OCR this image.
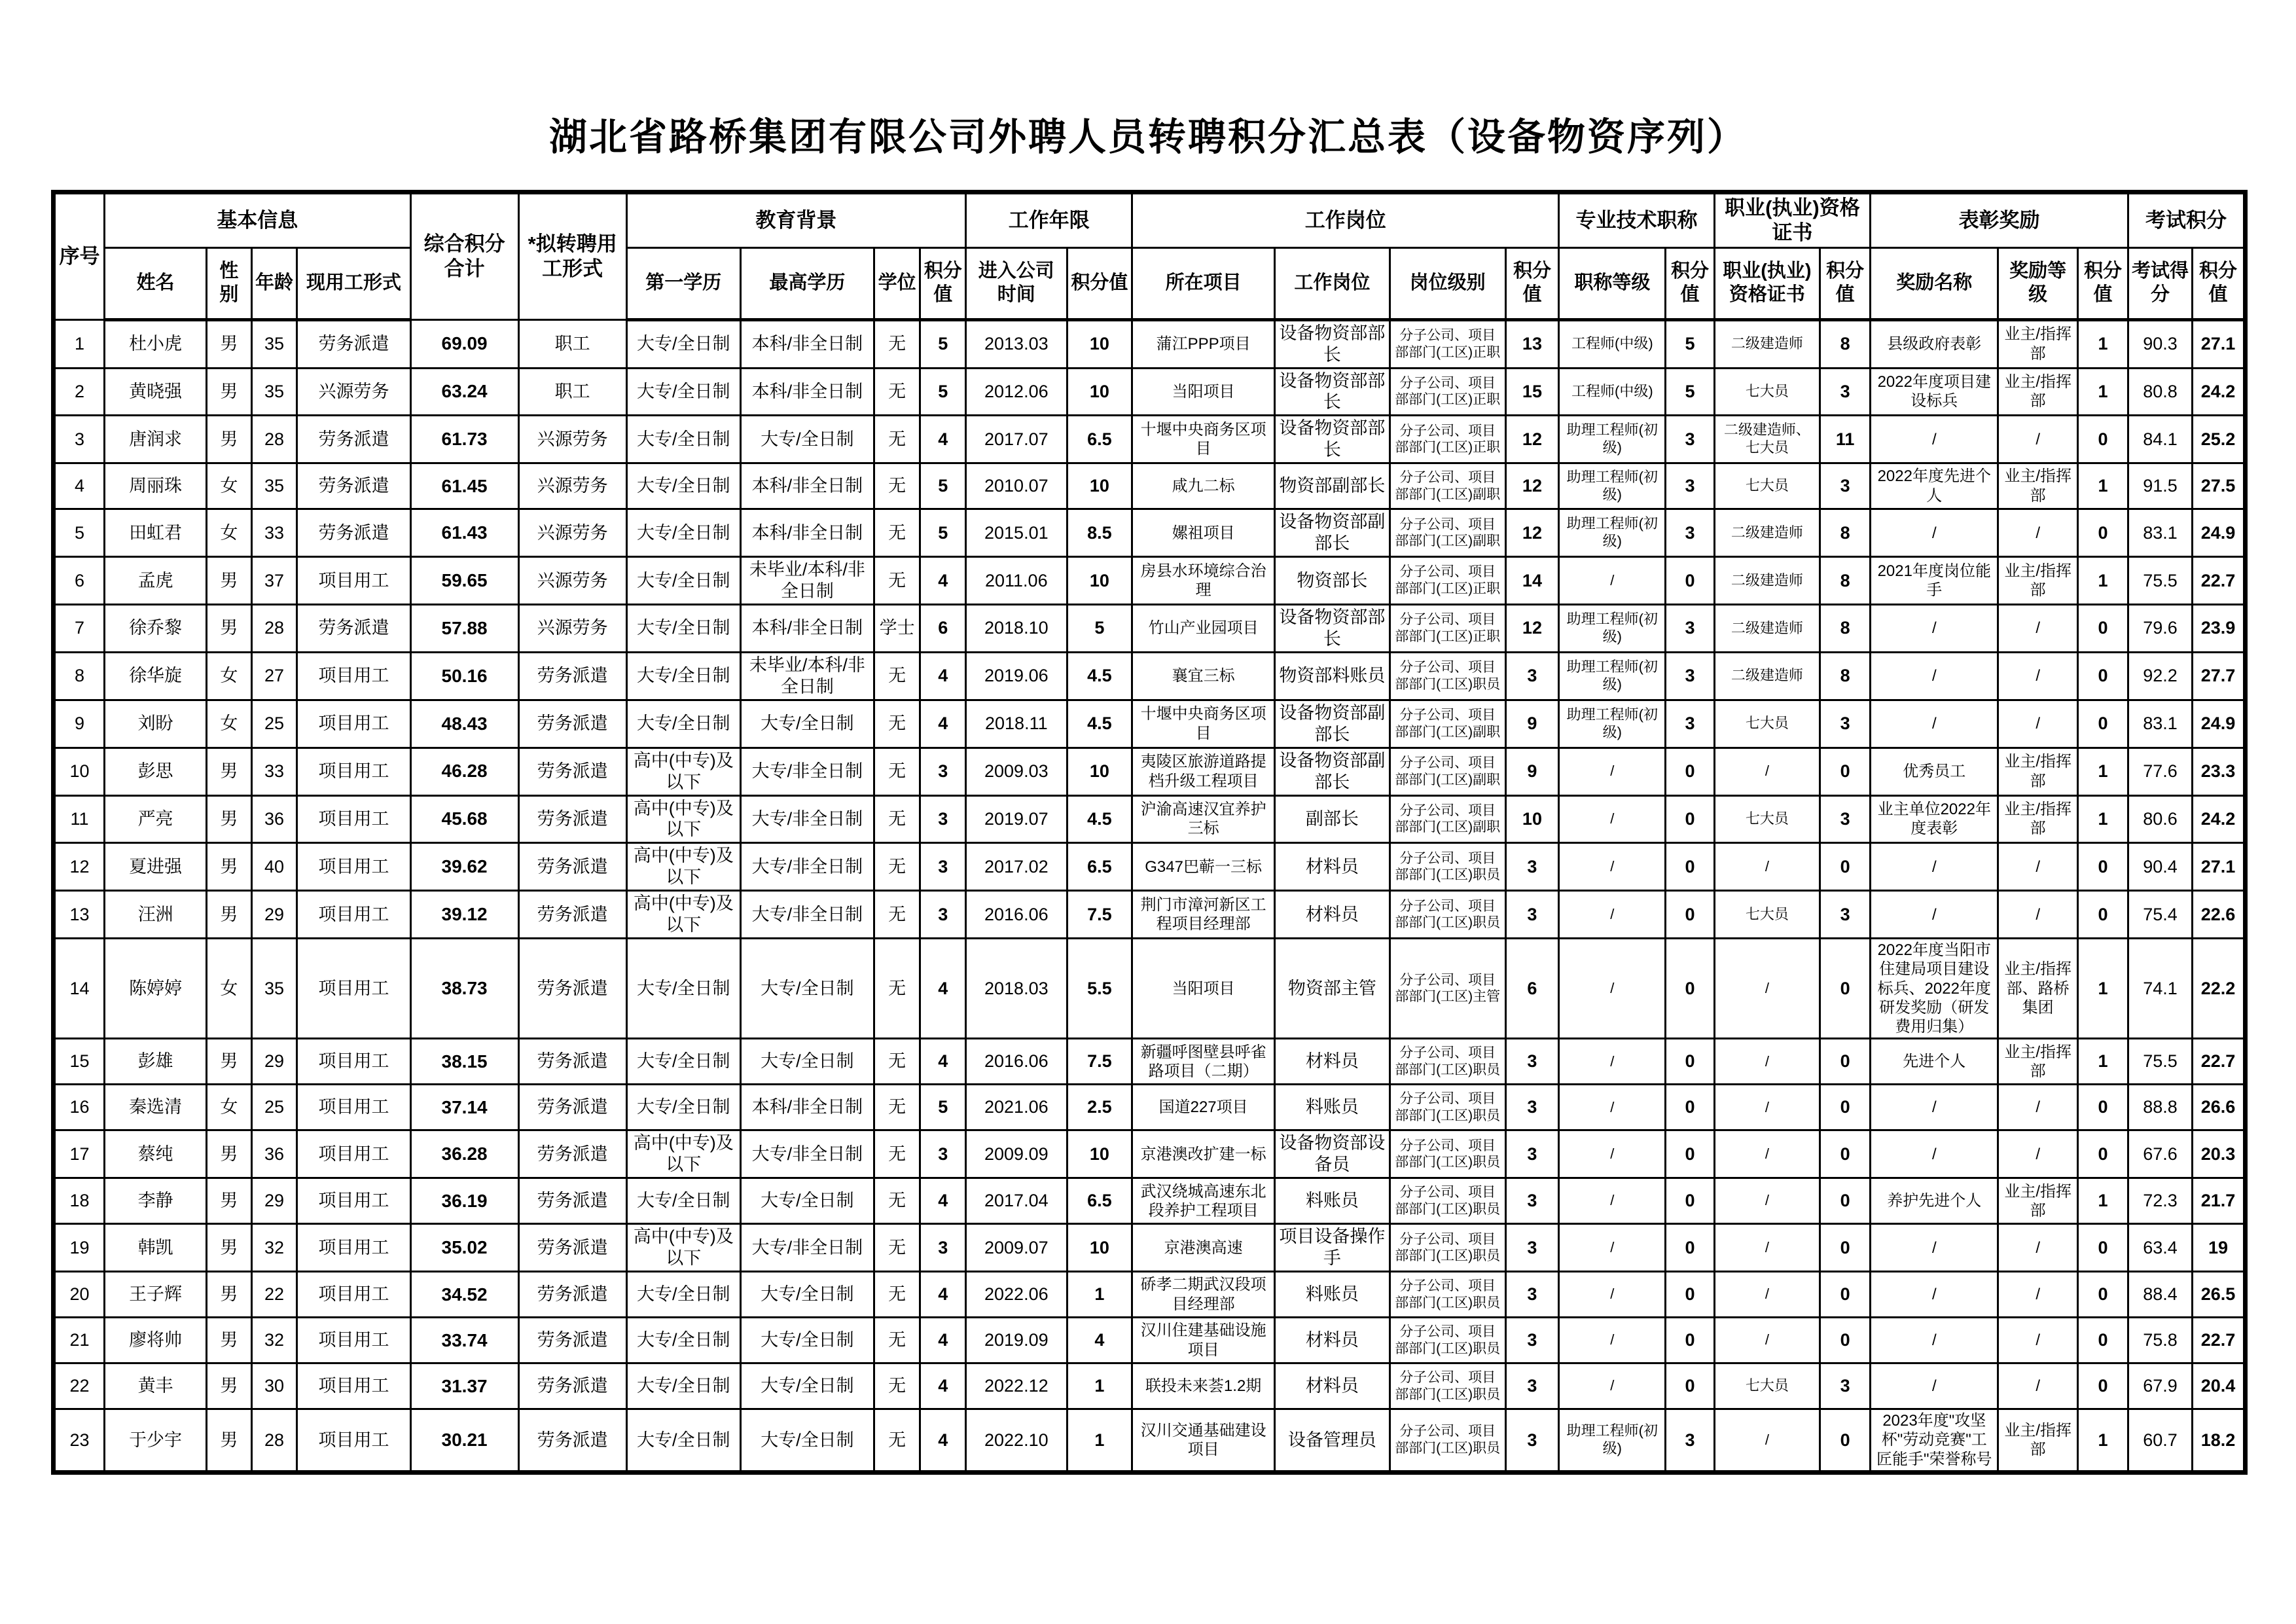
湖北省路桥集团有限公司外聘人员转聘积分汇总表（设备物资序列）
序号	基本信息				综合积分合计	*拟转聘用工形式	教育背景				工作年限		工作岗位				专业技术职称		职业(执业)资格证书		表彰奖励			考试积分	
	姓名	性别	年龄	现用工形式			第一学历	最高学历	学位	积分值	进入公司时间	积分值	所在项目	工作岗位	岗位级别	积分值	职称等级	积分值	职业(执业)资格证书	积分值	奖励名称	奖励等级	积分值	考试得分	积分值
1	杜小虎	男	35	劳务派遣	69.09	职工	大专/全日制	本科/非全日制	无	5	2013.03	10	蒲江PPP项目	设备物资部部长	分子公司、项目部部门(工区)正职	13	工程师(中级)	5	二级建造师	8	县级政府表彰	业主/指挥部	1	90.3	27.1
2	黄晓强	男	35	兴源劳务	63.24	职工	大专/全日制	本科/非全日制	无	5	2012.06	10	当阳项目	设备物资部部长	分子公司、项目部部门(工区)正职	15	工程师(中级)	5	七大员	3	2022年度项目建设标兵	业主/指挥部	1	80.8	24.2
3	唐润求	男	28	劳务派遣	61.73	兴源劳务	大专/全日制	大专/全日制	无	4	2017.07	6.5	十堰中央商务区项目	设备物资部部长	分子公司、项目部部门(工区)正职	12	助理工程师(初级)	3	二级建造师、七大员	11	/	/	0	84.1	25.2
4	周丽珠	女	35	劳务派遣	61.45	兴源劳务	大专/全日制	本科/非全日制	无	5	2010.07	10	咸九二标	物资部副部长	分子公司、项目部部门(工区)副职	12	助理工程师(初级)	3	七大员	3	2022年度先进个人	业主/指挥部	1	91.5	27.5
5	田虹君	女	33	劳务派遣	61.43	兴源劳务	大专/全日制	本科/非全日制	无	5	2015.01	8.5	嫘祖项目	设备物资部副部长	分子公司、项目部部门(工区)副职	12	助理工程师(初级)	3	二级建造师	8	/	/	0	83.1	24.9
6	孟虎	男	37	项目用工	59.65	兴源劳务	大专/全日制	未毕业/本科/非全日制	无	4	2011.06	10	房县水环境综合治理	物资部长	分子公司、项目部部门(工区)正职	14	/	0	二级建造师	8	2021年度岗位能手	业主/指挥部	1	75.5	22.7
7	徐乔黎	男	28	劳务派遣	57.88	兴源劳务	大专/全日制	本科/非全日制	学士	6	2018.10	5	竹山产业园项目	设备物资部部长	分子公司、项目部部门(工区)正职	12	助理工程师(初级)	3	二级建造师	8	/	/	0	79.6	23.9
8	徐华旋	女	27	项目用工	50.16	劳务派遣	大专/全日制	未毕业/本科/非全日制	无	4	2019.06	4.5	襄宜三标	物资部料账员	分子公司、项目部部门(工区)职员	3	助理工程师(初级)	3	二级建造师	8	/	/	0	92.2	27.7
9	刘盼	女	25	项目用工	48.43	劳务派遣	大专/全日制	大专/全日制	无	4	2018.11	4.5	十堰中央商务区项目	设备物资部副部长	分子公司、项目部部门(工区)副职	9	助理工程师(初级)	3	七大员	3	/	/	0	83.1	24.9
10	彭思	男	33	项目用工	46.28	劳务派遣	高中(中专)及以下	大专/非全日制	无	3	2009.03	10	夷陵区旅游道路提档升级工程项目	设备物资部副部长	分子公司、项目部部门(工区)副职	9	/	0	/	0	优秀员工	业主/指挥部	1	77.6	23.3
11	严亮	男	36	项目用工	45.68	劳务派遣	高中(中专)及以下	大专/非全日制	无	3	2019.07	4.5	沪渝高速汉宜养护三标	副部长	分子公司、项目部部门(工区)副职	10	/	0	七大员	3	业主单位2022年度表彰	业主/指挥部	1	80.6	24.2
12	夏进强	男	40	项目用工	39.62	劳务派遣	高中(中专)及以下	大专/非全日制	无	3	2017.02	6.5	G347巴蕲一三标	材料员	分子公司、项目部部门(工区)职员	3	/	0	/	0	/	/	0	90.4	27.1
13	汪洲	男	29	项目用工	39.12	劳务派遣	高中(中专)及以下	大专/非全日制	无	3	2016.06	7.5	荆门市漳河新区工程项目经理部	材料员	分子公司、项目部部门(工区)职员	3	/	0	七大员	3	/	/	0	75.4	22.6
14	陈婷婷	女	35	项目用工	38.73	劳务派遣	大专/全日制	大专/全日制	无	4	2018.03	5.5	当阳项目	物资部主管	分子公司、项目部部门(工区)主管	6	/	0	/	0	2022年度当阳市住建局项目建设标兵、2022年度研发奖励（研发费用归集）	业主/指挥部、路桥集团	1	74.1	22.2
15	彭雄	男	29	项目用工	38.15	劳务派遣	大专/全日制	大专/全日制	无	4	2016.06	7.5	新疆呼图壁县呼雀路项目（二期）	材料员	分子公司、项目部部门(工区)职员	3	/	0	/	0	先进个人	业主/指挥部	1	75.5	22.7
16	秦选清	女	25	项目用工	37.14	劳务派遣	大专/全日制	本科/非全日制	无	5	2021.06	2.5	国道227项目	料账员	分子公司、项目部部门(工区)职员	3	/	0	/	0	/	/	0	88.8	26.6
17	蔡纯	男	36	项目用工	36.28	劳务派遣	高中(中专)及以下	大专/非全日制	无	3	2009.09	10	京港澳改扩建一标	设备物资部设备员	分子公司、项目部部门(工区)职员	3	/	0	/	0	/	/	0	67.6	20.3
18	李静	男	29	项目用工	36.19	劳务派遣	大专/全日制	大专/全日制	无	4	2017.04	6.5	武汉绕城高速东北段养护工程项目	料账员	分子公司、项目部部门(工区)职员	3	/	0	/	0	养护先进个人	业主/指挥部	1	72.3	21.7
19	韩凯	男	32	项目用工	35.02	劳务派遣	高中(中专)及以下	大专/非全日制	无	3	2009.07	10	京港澳高速	项目设备操作手	分子公司、项目部部门(工区)职员	3	/	0	/	0	/	/	0	63.4	19
20	王子辉	男	22	项目用工	34.52	劳务派遣	大专/全日制	大专/全日制	无	4	2022.06	1	硚孝二期武汉段项目经理部	料账员	分子公司、项目部部门(工区)职员	3	/	0	/	0	/	/	0	88.4	26.5
21	廖将帅	男	32	项目用工	33.74	劳务派遣	大专/全日制	大专/全日制	无	4	2019.09	4	汉川住建基础设施项目	材料员	分子公司、项目部部门(工区)职员	3	/	0	/	0	/	/	0	75.8	22.7
22	黄丰	男	30	项目用工	31.37	劳务派遣	大专/全日制	大专/全日制	无	4	2022.12	1	联投未来荟1.2期	材料员	分子公司、项目部部门(工区)职员	3	/	0	七大员	3	/	/	0	67.9	20.4
23	于少宇	男	28	项目用工	30.21	劳务派遣	大专/全日制	大专/全日制	无	4	2022.10	1	汉川交通基础建设项目	设备管理员	分子公司、项目部部门(工区)职员	3	助理工程师(初级)	3	/	0	2023年度"攻坚杯"劳动竞赛"工匠能手"荣誉称号	业主/指挥部	1	60.7	18.2
